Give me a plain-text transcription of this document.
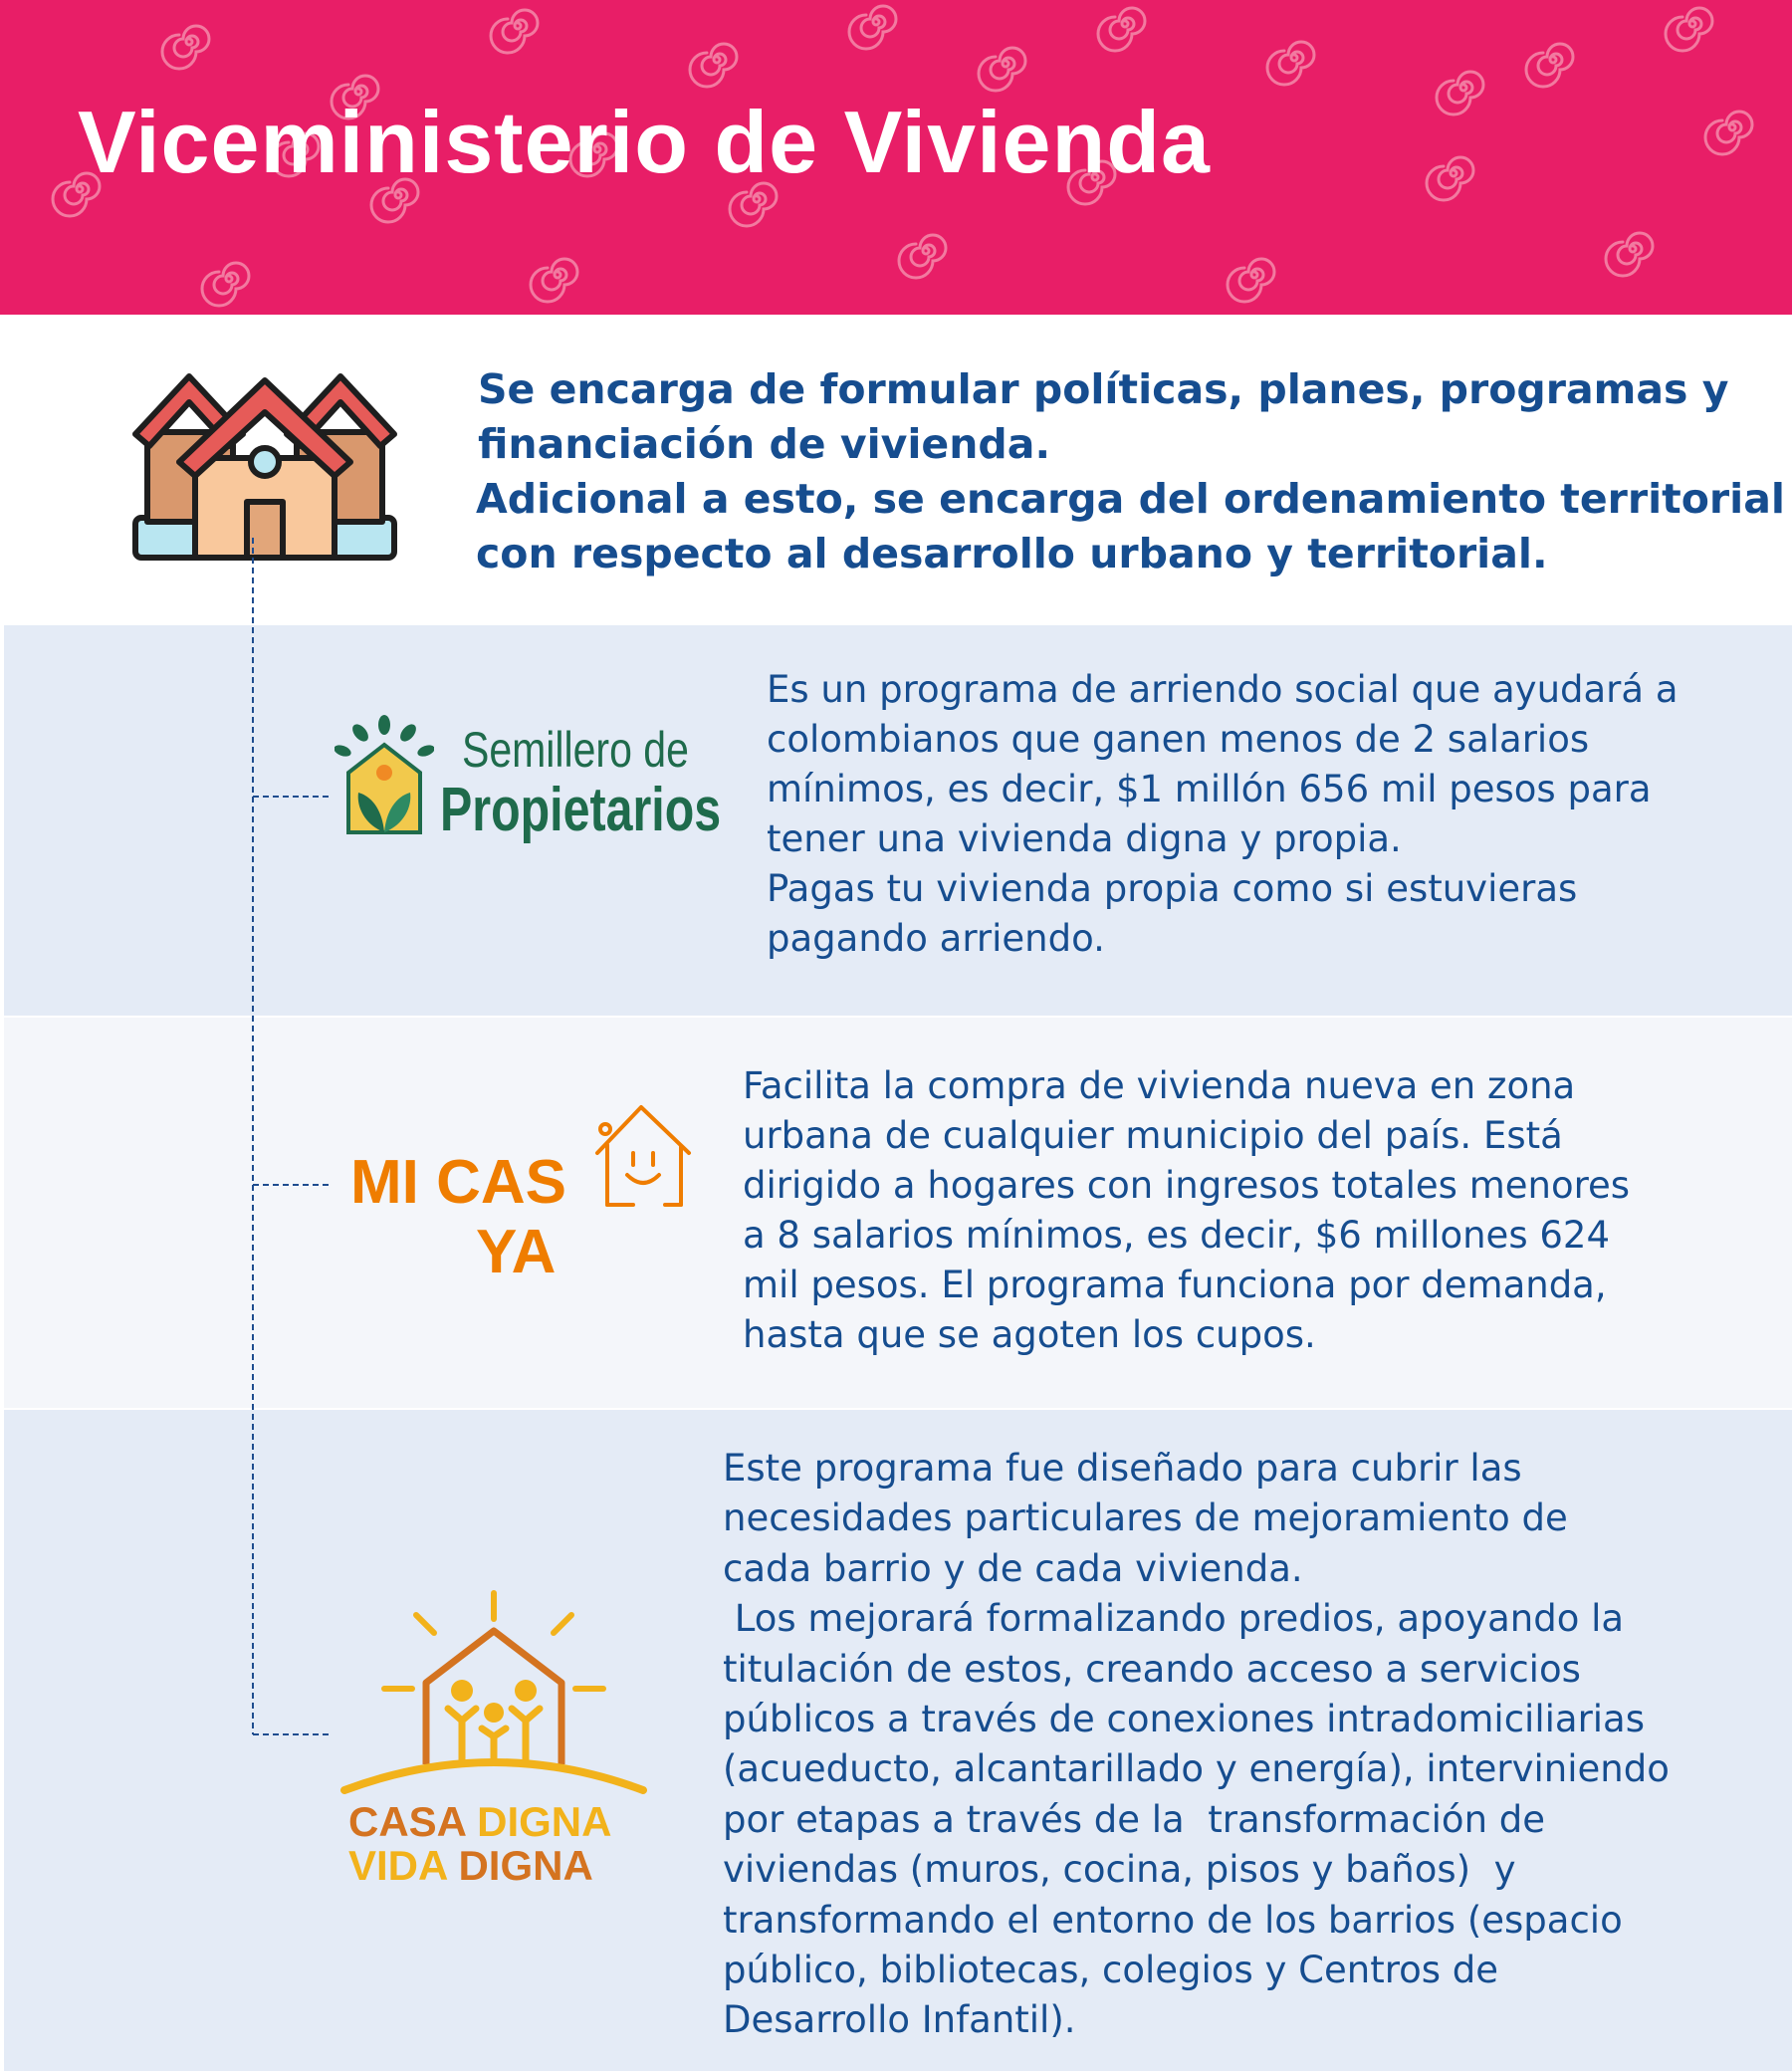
Viceministerio de Vivienda
Se encarga de formular políticas, planes, programas y
financiación de vivienda.
Adicional a esto, se encarga del ordenamiento territorial
con respecto al desarrollo urbano y territorial.
Semillero de
Propietarios
Es un programa de arriendo social que ayudará a
colombianos que ganen menos de 2 salarios
mínimos, es decir, $1 millón 656 mil pesos para
tener una vivienda digna y propia.
Pagas tu vivienda propia como si estuvieras
pagando arriendo.
MI CAS
YA
Facilita la compra de vivienda nueva en zona
urbana de cualquier municipio del país. Está
dirigido a hogares con ingresos totales menores
a 8 salarios mínimos, es decir, $6 millones 624
mil pesos. El programa funciona por demanda,
hasta que se agoten los cupos.
CASA DIGNA
VIDA DIGNA
Este programa fue diseñado para cubrir las
necesidades particulares de mejoramiento de
cada barrio y de cada vivienda.
Los mejorará formalizando predios, apoyando la
titulación de estos, creando acceso a servicios
públicos a través de conexiones intradomiciliarias
(acueducto, alcantarillado y energía), interviniendo
por etapas a través de la  transformación de
viviendas (muros, cocina, pisos y baños)  y
transformando el entorno de los barrios (espacio
público, bibliotecas, colegios y Centros de
Desarrollo Infantil).
